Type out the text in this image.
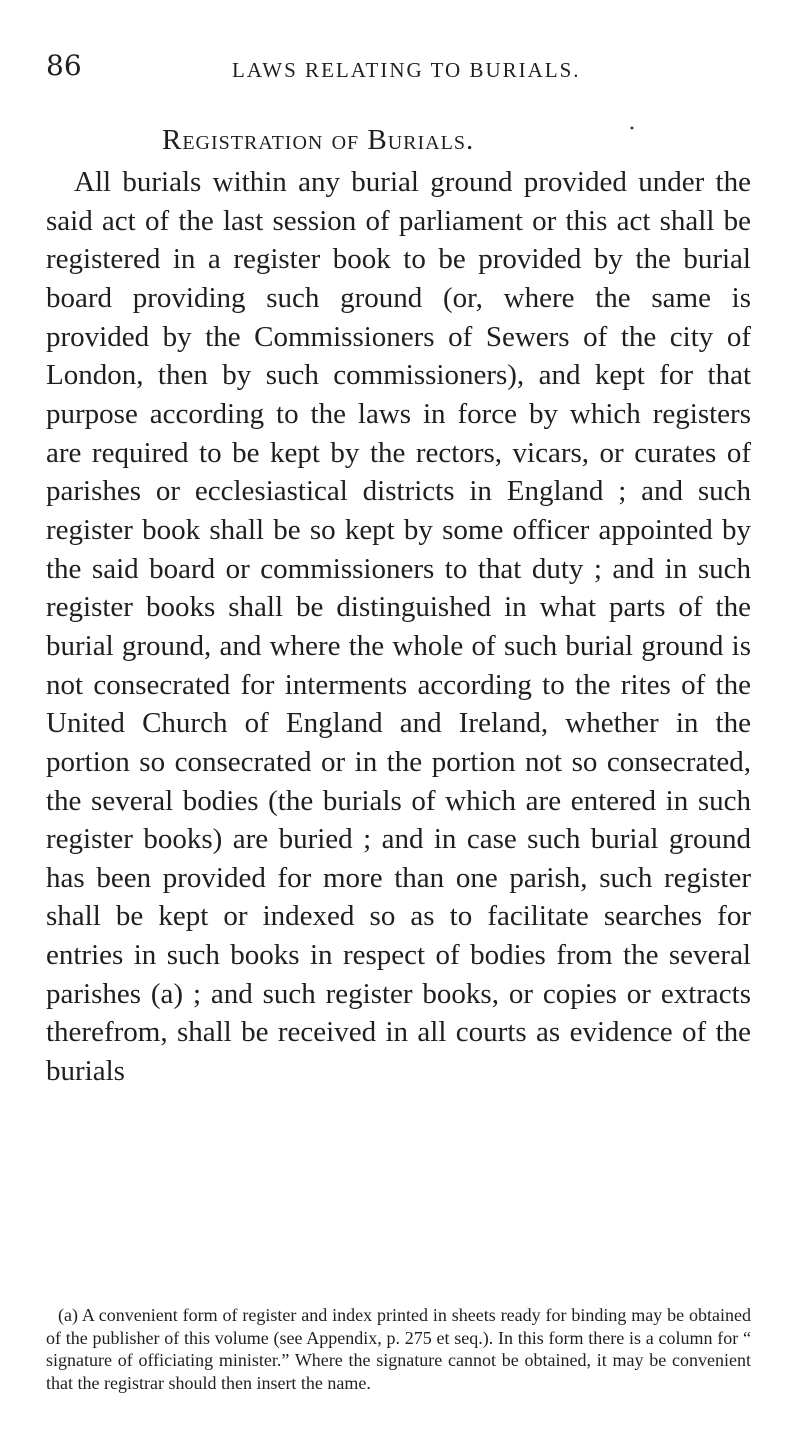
86	LAWS RELATING TO BURIALS.
Registration of Burials.	•

All burials within any burial ground provided under the said act of the last session of parliament or this act shall be registered in a register book to be provided by the burial board providing such ground (or, where the same is provided by the Commissioners of Sewers of the city of London, then by such commissioners), and kept for that purpose according to the laws in force by which registers are required to be kept by the rectors, vicars, or curates of parishes or ecclesiastical districts in England ; and such register book shall be so kept by some officer appointed by the said board or commissioners to that duty ; and in such register books shall be distinguished in what parts of the burial ground, and where the whole of such burial ground is not consecrated for interments according to the rites of the United Church of England and Ireland, whether in the portion so consecrated or in the portion not so consecrated, the several bodies (the burials of which are entered in such register books) are buried ; and in case such burial ground has been provided for more than one parish, such register shall be kept or indexed so as to facilitate searches for entries in such books in respect of bodies from the several parishes (a) ; and such register books, or copies or extracts therefrom, shall be received in all courts as evidence of the burials

(a) A convenient form of register and index printed in sheets ready for binding may be obtained of the publisher of this volume (see Appendix, p. 275 et seq.). In this form there is a column for “ signature of officiating minister.” Where the signature cannot be obtained, it may be convenient that the registrar should then insert the name.
